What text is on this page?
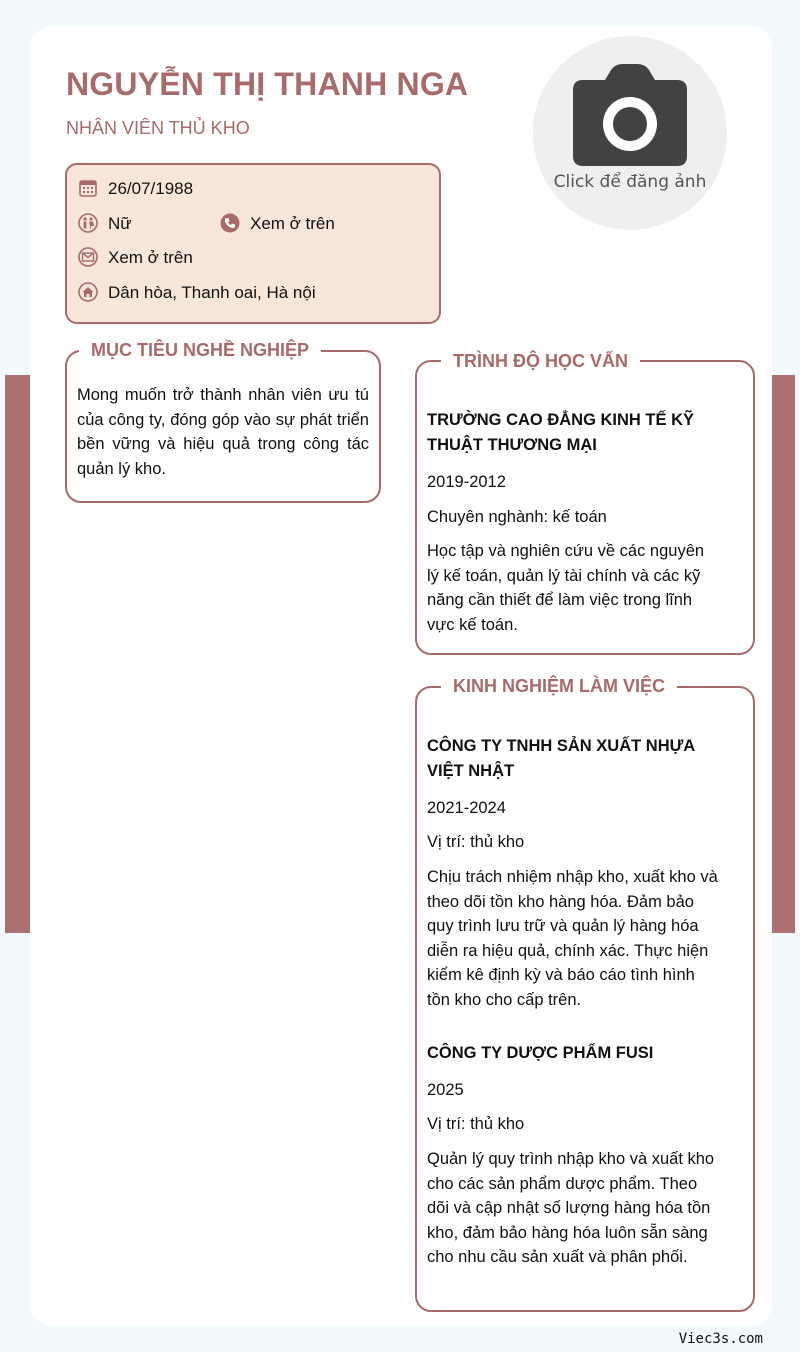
NGUYỄN THỊ THANH NGA
NHÂN VIÊN THỦ KHO
Click để đăng ảnh
26/07/1988
Nữ	Xem ở trên
Xem ở trên
Dân hòa, Thanh oai, Hà nội
MỤC TIÊU NGHỀ NGHIỆP
Mong muốn trở thành nhân viên ưu tú của công ty, đóng góp vào sự phát triển bền vững và hiệu quả trong công tác quản lý kho.
TRÌNH ĐỘ HỌC VẤN
TRƯỜNG CAO ĐẲNG KINH TẾ KỸ THUẬT THƯƠNG MẠI
2019-2012
Chuyên nghành: kế toán
Học tập và nghiên cứu về các nguyên lý kế toán, quản lý tài chính và các kỹ năng cần thiết để làm việc trong lĩnh vực kế toán.
KINH NGHIỆM LÀM VIỆC
CÔNG TY TNHH SẢN XUẤT NHỰA VIỆT NHẬT
2021-2024
Vị trí: thủ kho
Chịu trách nhiệm nhập kho, xuất kho và theo dõi tồn kho hàng hóa. Đảm bảo quy trình lưu trữ và quản lý hàng hóa diễn ra hiệu quả, chính xác. Thực hiện kiểm kê định kỳ và báo cáo tình hình tồn kho cho cấp trên.
CÔNG TY DƯỢC PHẨM FUSI
2025
Vị trí: thủ kho
Quản lý quy trình nhập kho và xuất kho cho các sản phẩm dược phẩm. Theo dõi và cập nhật số lượng hàng hóa tồn kho, đảm bảo hàng hóa luôn sẵn sàng cho nhu cầu sản xuất và phân phối.
Viec3s.com
